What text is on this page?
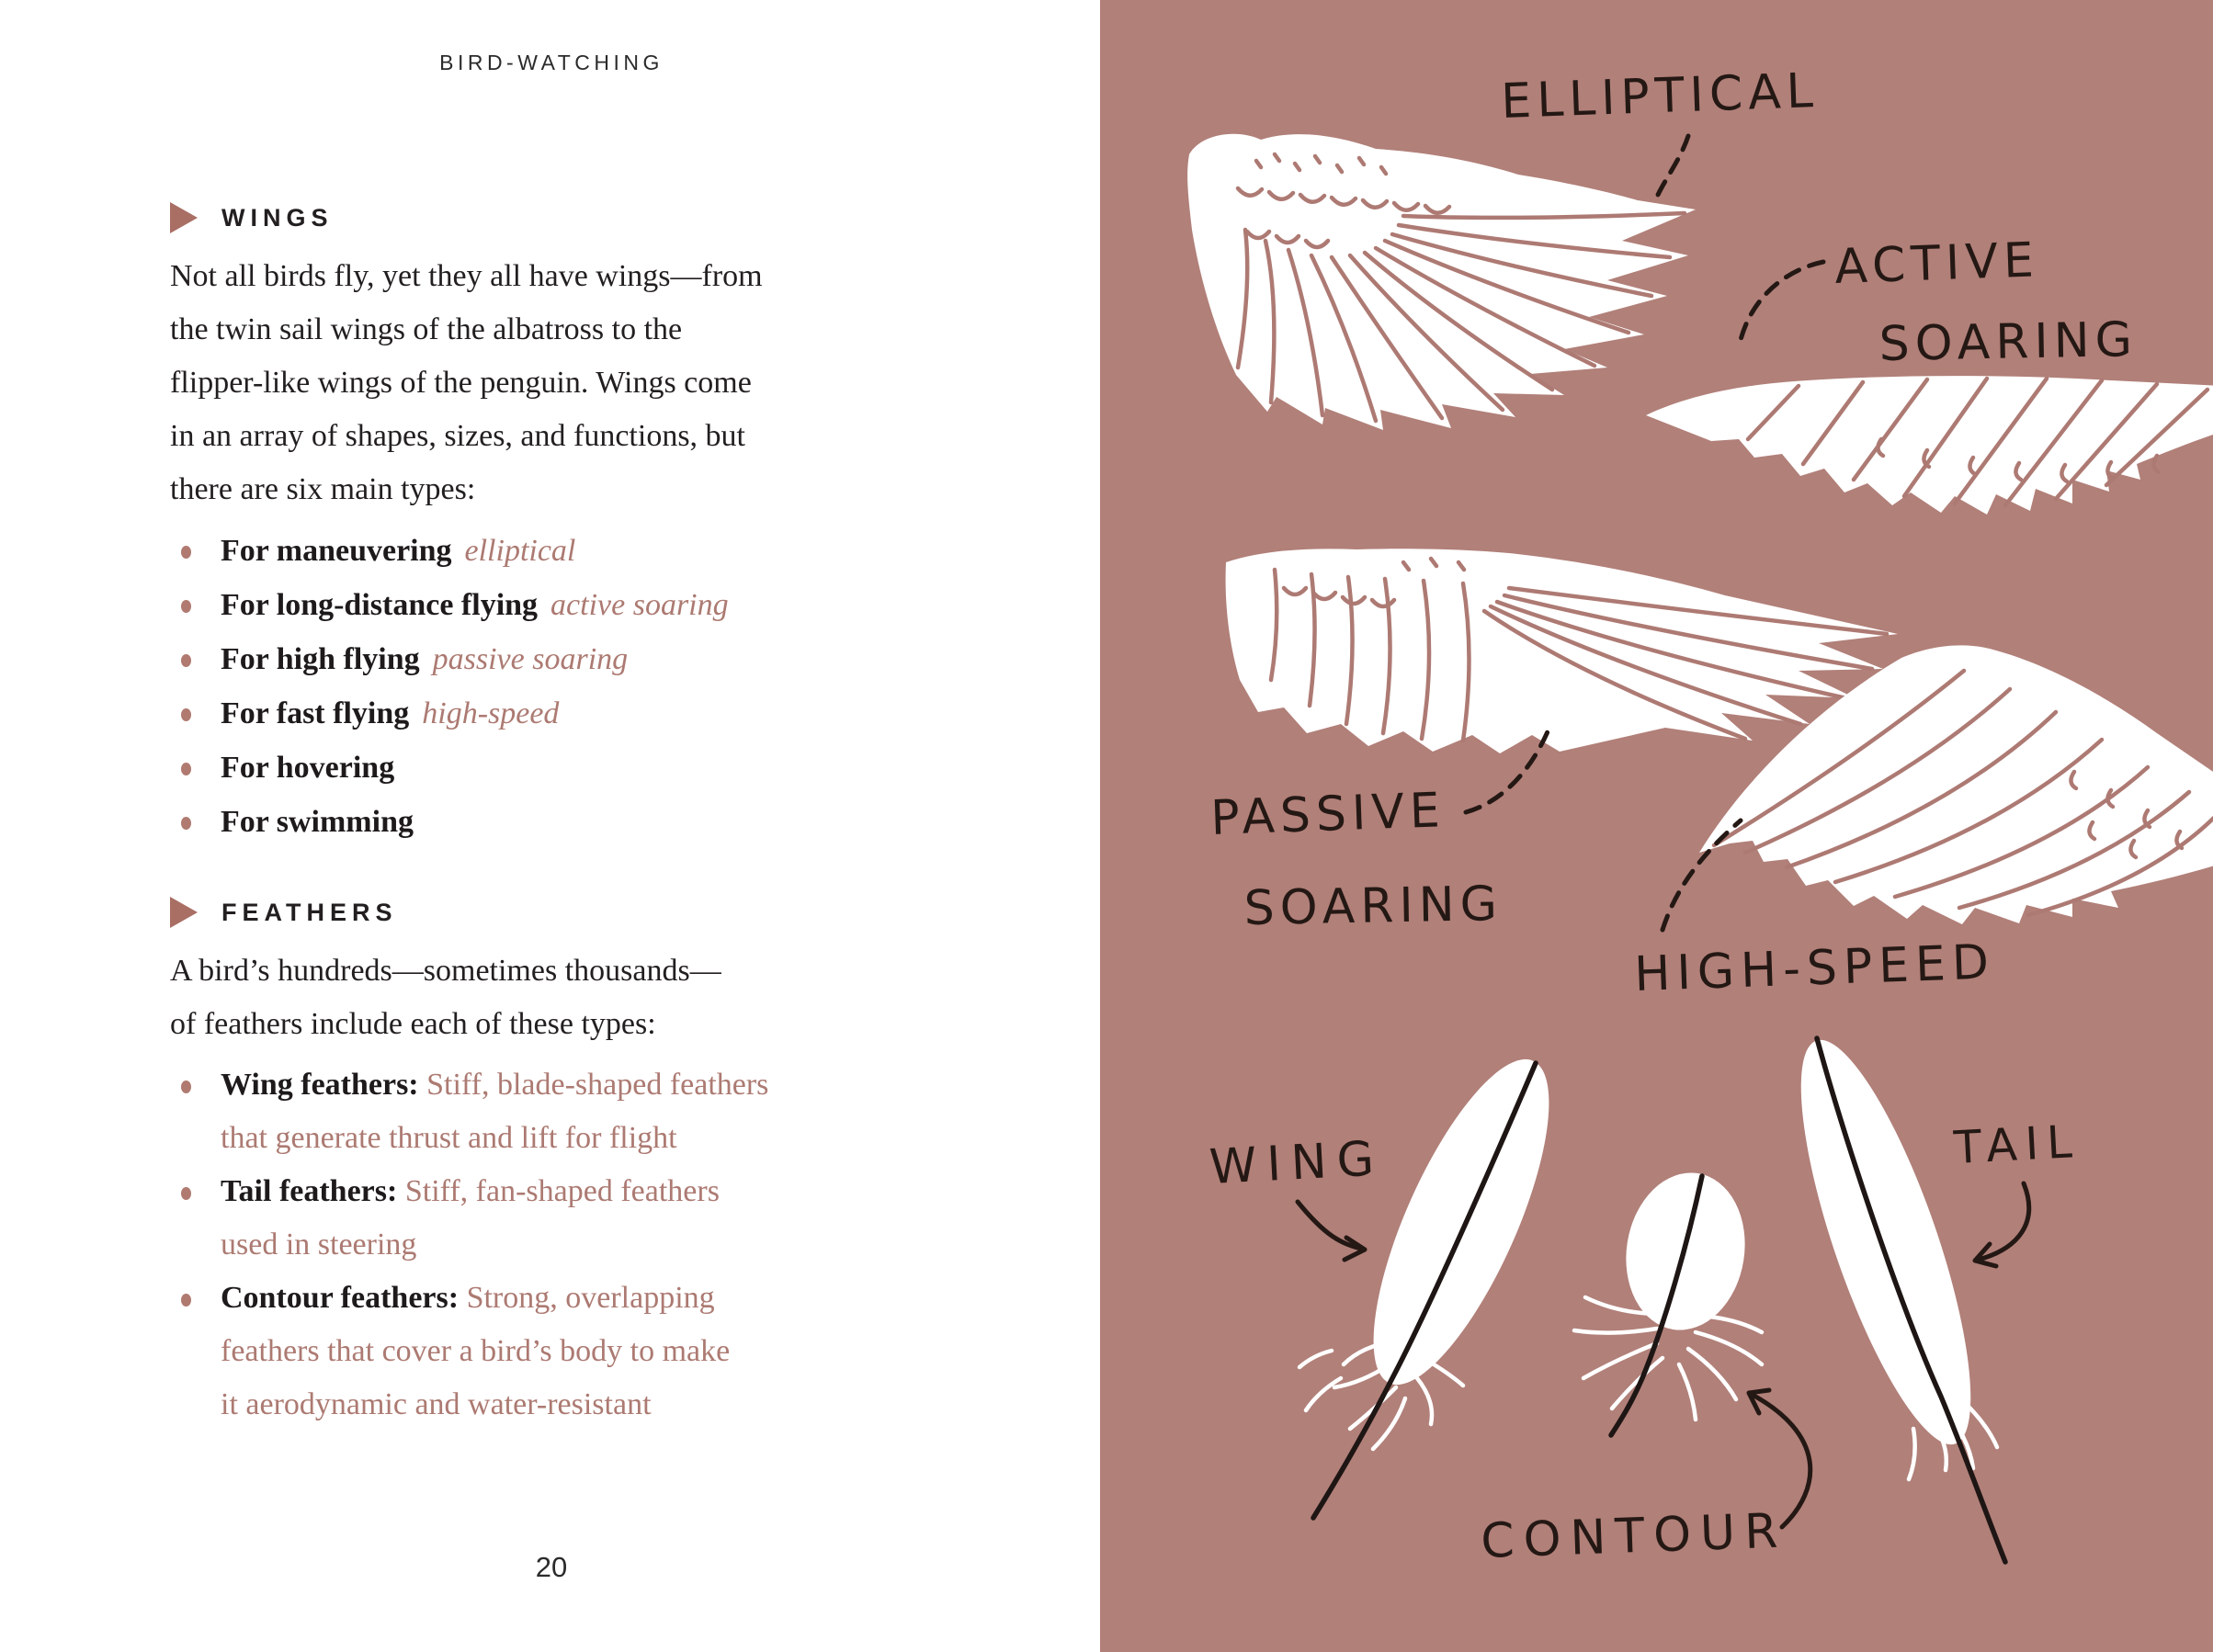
BIRD-WATCHING
WINGS
Not all birds fly, yet they all have wings—from
the twin sail wings of the albatross to the
flipper-like wings of the penguin. Wings come
in an array of shapes, sizes, and functions, but
there are six main types:
For maneuvering elliptical
For long-distance flying active soaring
For high flying passive soaring
For fast flying high-speed
For hovering
For swimming
FEATHERS
A bird’s hundreds—sometimes thousands—
of feathers include each of these types:
Wing feathers: Stiff, blade-shaped feathers
that generate thrust and lift for flight
Tail feathers: Stiff, fan-shaped feathers
used in steering
Contour feathers: Strong, overlapping
feathers that cover a bird’s body to make
it aerodynamic and water-resistant
20
ELLIPTICAL
ACTIVE
SOARING
PASSIVE
SOARING
HIGH-SPEED
WING
CONTOUR
TAIL
